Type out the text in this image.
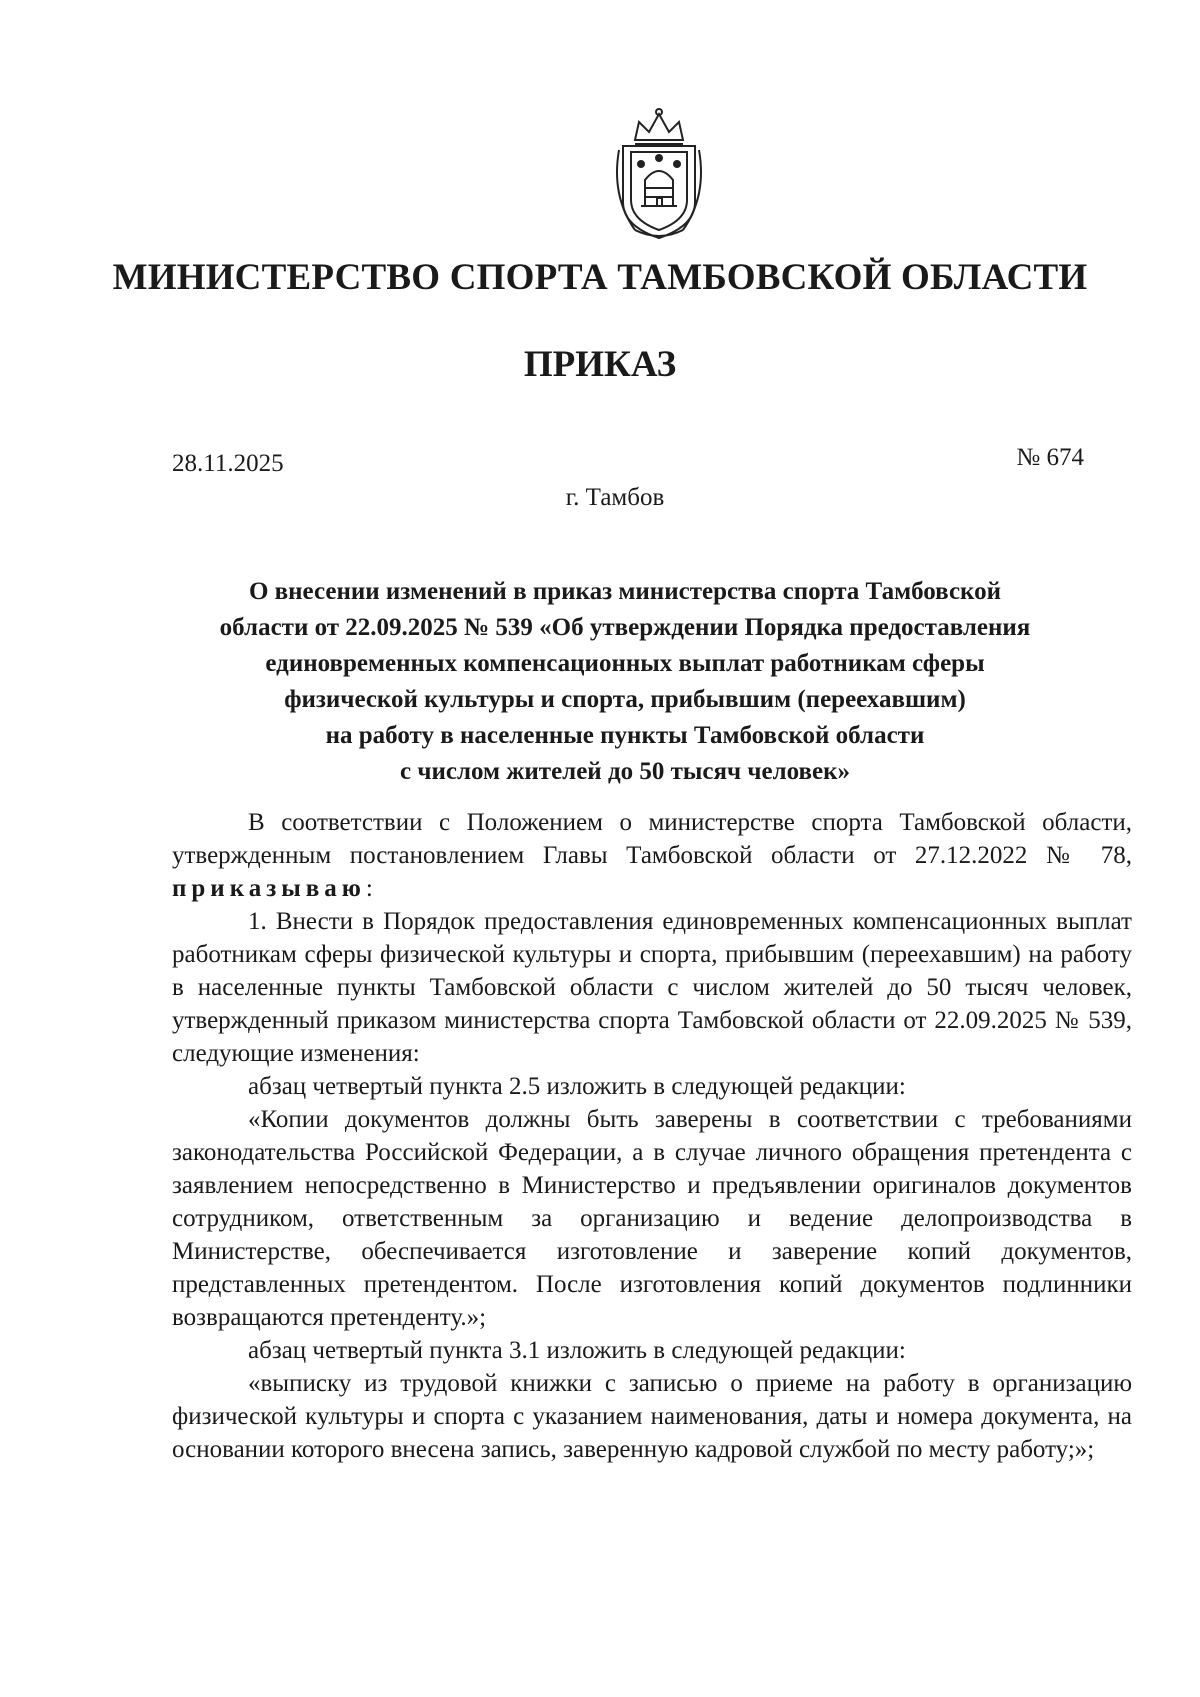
МИНИСТЕРСТВО СПОРТА ТАМБОВСКОЙ ОБЛАСТИ
ПРИКАЗ
28.11.2025	№ 674
г. Тамбов
О внесении изменений в приказ министерства спорта Тамбовской
области от 22.09.2025 № 539 «Об утверждении Порядка предоставления
единовременных компенсационных выплат работникам сферы
физической культуры и спорта, прибывшим (переехавшим)
на работу в населенные пункты Тамбовской области
с числом жителей до 50 тысяч человек»

В соответствии с Положением о министерстве спорта Тамбовской области, утвержденным постановлением Главы Тамбовской области от 27.12.2022 № 78, приказываю:

1. Внести в Порядок предоставления единовременных компенсационных выплат работникам сферы физической культуры и спорта, прибывшим (переехавшим) на работу в населенные пункты Тамбовской области с числом жителей до 50 тысяч человек, утвержденный приказом министерства спорта Тамбовской области от 22.09.2025 № 539, следующие изменения:

абзац четвертый пункта 2.5 изложить в следующей редакции:

«Копии документов должны быть заверены в соответствии с требованиями законодательства Российской Федерации, а в случае личного обращения претендента с заявлением непосредственно в Министерство и предъявлении оригиналов документов сотрудником, ответственным за организацию и ведение делопроизводства в Министерстве, обеспечивается изготовление и заверение копий документов, представленных претендентом. После изготовления копий документов подлинники возвращаются претенденту.»;

абзац четвертый пункта 3.1 изложить в следующей редакции:

«выписку из трудовой книжки с записью о приеме на работу в организацию физической культуры и спорта с указанием наименования, даты и номера документа, на основании которого внесена запись, заверенную кадровой службой по месту работу;»;
